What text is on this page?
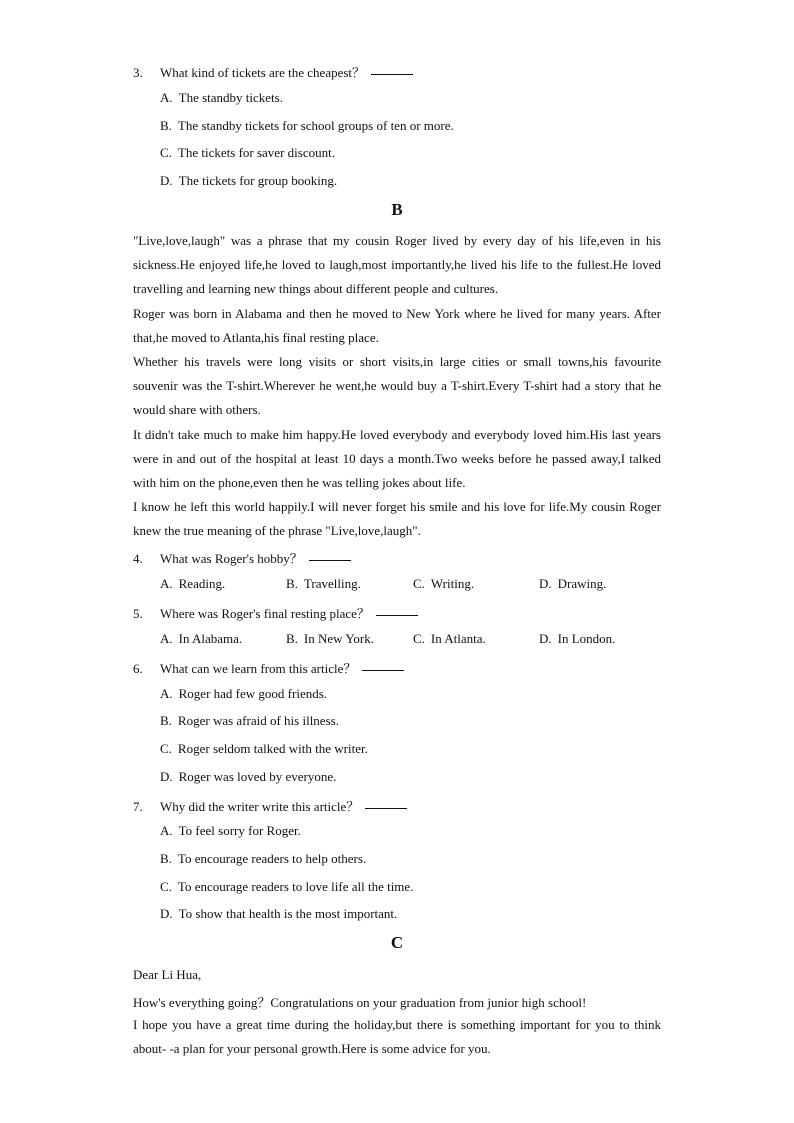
3. What kind of tickets are the cheapest？
A. The standby tickets.
B. The standby tickets for school groups of ten or more.
C. The tickets for saver discount.
D. The tickets for group booking.
B

"Live,love,laugh" was a phrase that my cousin Roger lived by every day of his life,even in his sickness.He enjoyed life,he loved to laugh,most importantly,he lived his life to the fullest.He loved travelling and learning new things about different people and cultures.

Roger was born in Alabama and then he moved to New York where he lived for many years. After that,he moved to Atlanta,his final resting place.

Whether his travels were long visits or short visits,in large cities or small towns,his favourite souvenir was the T-shirt.Wherever he went,he would buy a T-shirt.Every T-shirt had a story that he would share with others.

It didn't take much to make him happy.He loved everybody and everybody loved him.His last years were in and out of the hospital at least 10 days a month.Two weeks before he passed away,I talked with him on the phone,even then he was telling jokes about life.

I know he left this world happily.I will never forget his smile and his love for life.My cousin Roger knew the true meaning of the phrase "Live,love,laugh".

4. What was Roger's hobby？
A. Reading.	B. Travelling.	C. Writing.	D. Drawing.
5. Where was Roger's final resting place？
A. In Alabama.	B. In New York.	C. In Atlanta.	D. In London.
6. What can we learn from this article？
A. Roger had few good friends.
B. Roger was afraid of his illness.
C. Roger seldom talked with the writer.
D. Roger was loved by everyone.
7. Why did the writer write this article？
A. To feel sorry for Roger.
B. To encourage readers to help others.
C. To encourage readers to love life all the time.
D. To show that health is the most important.
C
Dear Li Hua,
How's everything going？Congratulations on your graduation from junior high school!

I hope you have a great time during the holiday,but there is something important for you to think about- -a plan for your personal growth.Here is some advice for you.
